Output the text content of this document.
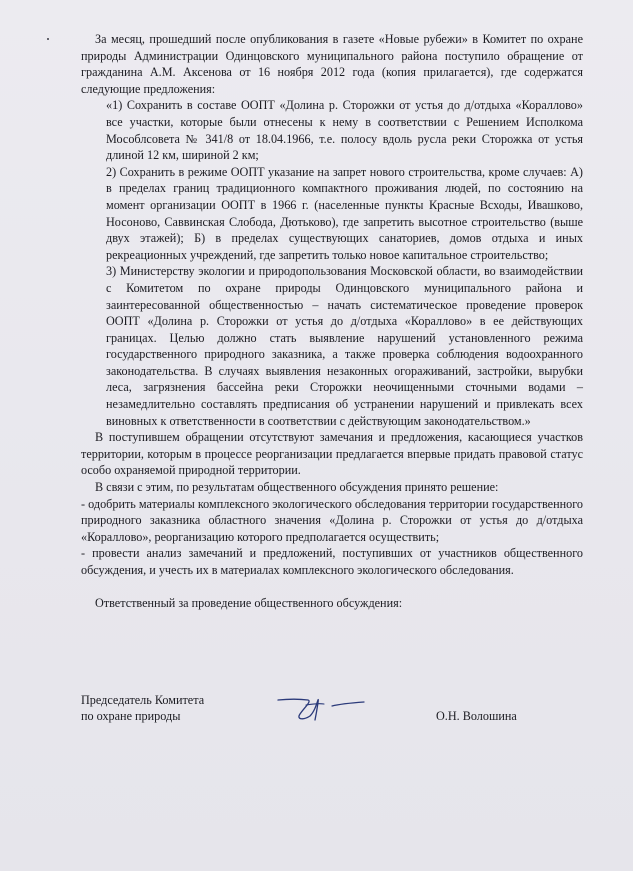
За месяц, прошедший после опубликования в газете «Новые рубежи» в Комитет по охране природы Администрации Одинцовского муниципального района поступило обращение от гражданина А.М. Аксенова от 16 ноября 2012 года (копия прилагается), где содержатся следующие предложения:

«1) Сохранить в составе ООПТ «Долина р. Сторожки от устья до д/отдыха «Кораллово» все участки, которые были отнесены к нему в соответствии с Решением Исполкома Мособлсовета № 341/8 от 18.04.1966, т.е. полосу вдоль русла реки Сторожка от устья длиной 12 км, шириной 2 км;

2) Сохранить в режиме ООПТ указание на запрет нового строительства, кроме случаев: А) в пределах границ традиционного компактного проживания людей, по состоянию на момент организации ООПТ в 1966 г. (населенные пункты Красные Всходы, Ивашково, Носоново, Саввинская Слобода, Дютьково), где запретить высотное строительство (выше двух этажей); Б) в пределах существующих санаториев, домов отдыха и иных рекреационных учреждений, где запретить только новое капитальное строительство;

3) Министерству экологии и природопользования Московской области, во взаимодействии с Комитетом по охране природы Одинцовского муниципального района и заинтересованной общественностью – начать систематическое проведение проверок ООПТ «Долина р. Сторожки от устья до д/отдыха «Кораллово» в ее действующих границах. Целью должно стать выявление нарушений установленного режима государственного природного заказника, а также проверка соблюдения водоохранного законодательства. В случаях выявления незаконных огораживаний, застройки, вырубки леса, загрязнения бассейна реки Сторожки неочищенными сточными водами – незамедлительно составлять предписания об устранении нарушений и привлекать всех виновных к ответственности в соответствии с действующим законодательством.»

В поступившем обращении отсутствуют замечания и предложения, касающиеся участков территории, которым в процессе реорганизации предлагается впервые придать правовой статус особо охраняемой природной территории.

В связи с этим, по результатам общественного обсуждения принято решение:

- одобрить материалы комплексного экологического обследования территории государственного природного заказника областного значения «Долина р. Сторожки от устья до д/отдыха «Кораллово», реорганизацию которого предполагается осуществить;

- провести анализ замечаний и предложений, поступивших от участников общественного обсуждения, и учесть их в материалах комплексного экологического обследования.

Ответственный за проведение общественного обсуждения:

Председатель Комитета
по охране природы	О.Н. Волошина
